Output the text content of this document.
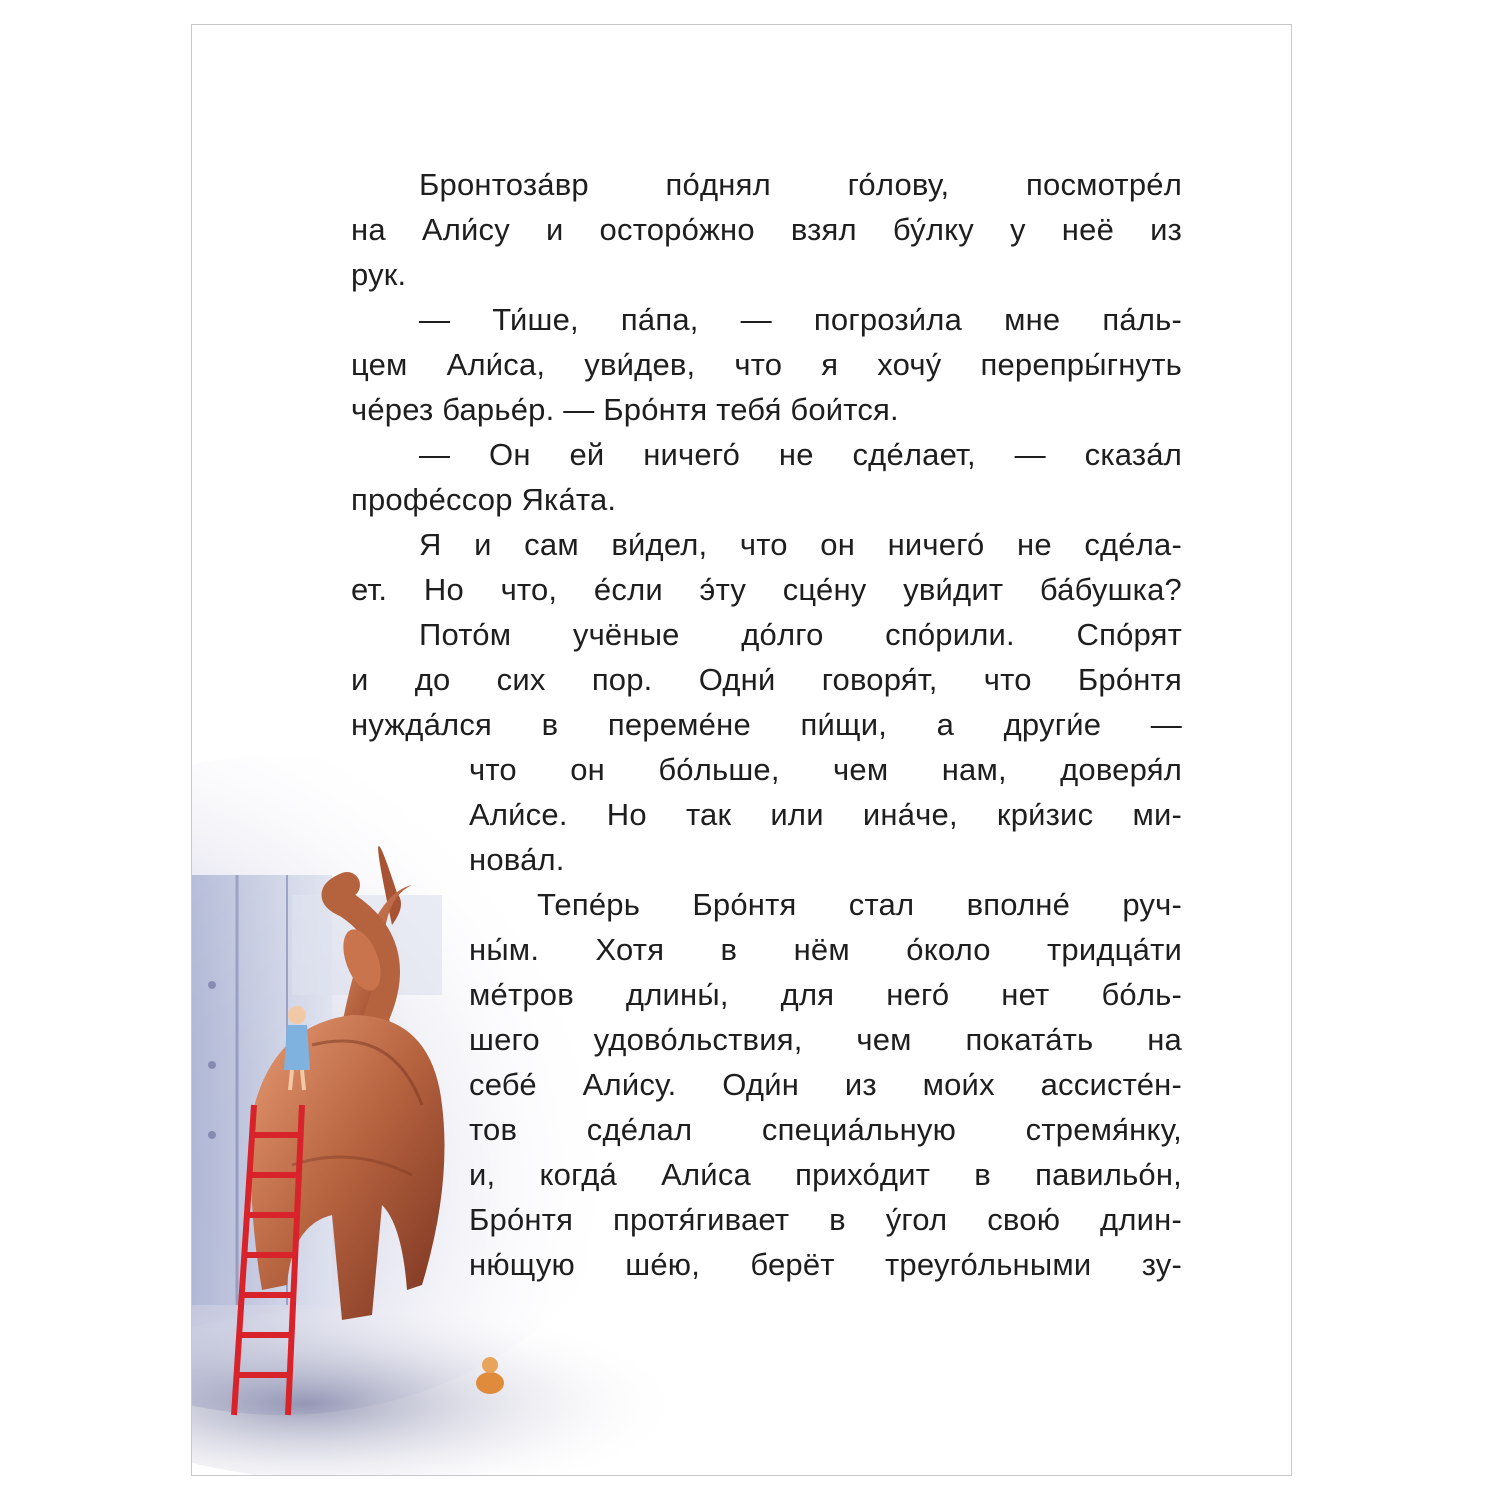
Бронтоза́вр по́днял го́лову, посмотре́л

на Али́су и осторо́жно взял бу́лку у неё из

рук.

— Ти́ше, па́па, — погрози́ла мне па́ль-

цем Али́са, уви́дев, что я хочу́ перепры́гнуть

че́рез барье́р. — Бро́нтя тебя́ бои́тся.

— Он ей ничего́ не сде́лает, — сказа́л

профе́ссор Яка́та.

Я и сам ви́дел, что он ничего́ не сде́ла-

ет. Но что, е́сли э́ту сце́ну уви́дит ба́бушка?

Пото́м учёные до́лго спо́рили. Спо́рят

и до сих пор. Одни́ говоря́т, что Бро́нтя

нужда́лся в переме́не пи́щи, а други́е —

что он бо́льше, чем нам, доверя́л

Али́се. Но так или ина́че, кри́зис ми-

нова́л.

Тепе́рь Бро́нтя стал вполне́ руч-

ны́м. Хотя в нём о́коло тридца́ти

ме́тров длины́, для него́ нет бо́ль-

шего удово́льствия, чем поката́ть на

себе́ Али́су. Оди́н из мои́х ассисте́н-

тов сде́лал специа́льную стремя́нку,

и, когда́ Али́са прихо́дит в павильо́н,

Бро́нтя протя́гивает в у́гол свою́ длин-

ню́щую ше́ю, берёт треуго́льными зу-
